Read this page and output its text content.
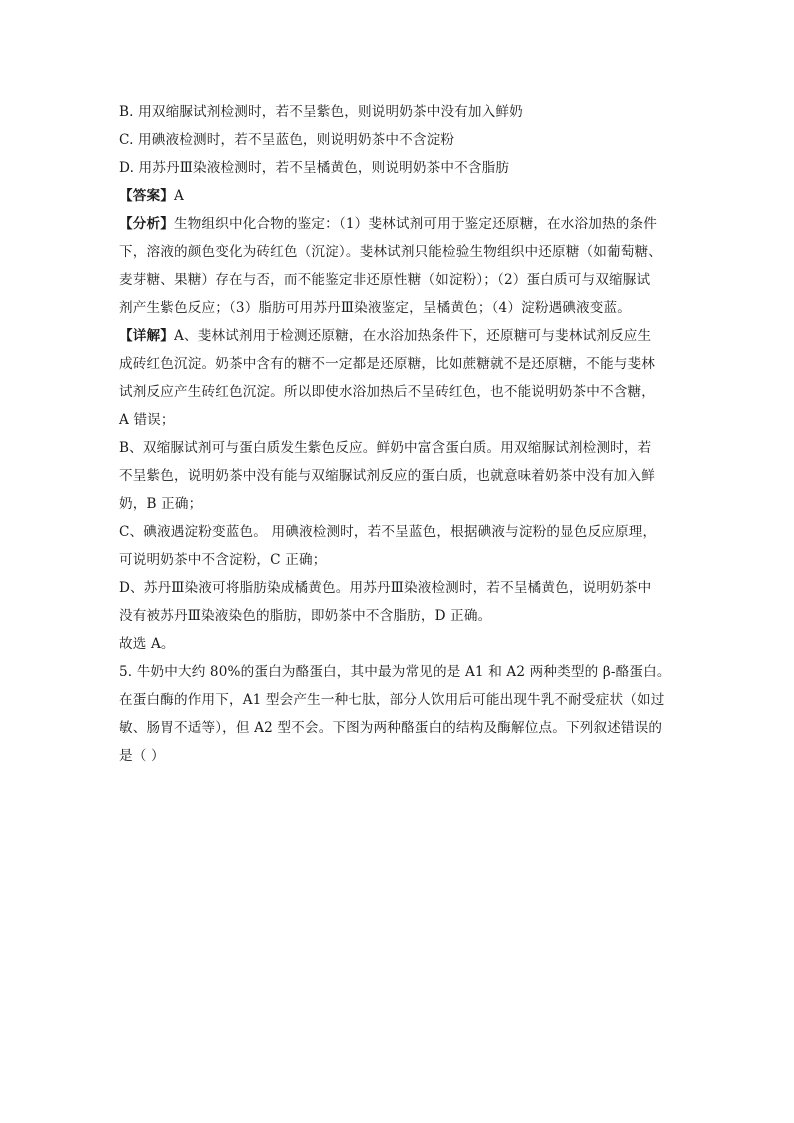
B. 用双缩脲试剂检测时，若不呈紫色，则说明奶茶中没有加入鲜奶
C. 用碘液检测时，若不呈蓝色，则说明奶茶中不含淀粉
D. 用苏丹Ⅲ染液检测时，若不呈橘黄色，则说明奶茶中不含脂肪
【答案】A
【分析】生物组织中化合物的鉴定：（1）斐林试剂可用于鉴定还原糖，在水浴加热的条件
下，溶液的颜色变化为砖红色（沉淀）。斐林试剂只能检验生物组织中还原糖（如葡萄糖、
麦芽糖、果糖）存在与否，而不能鉴定非还原性糖（如淀粉）；（2）蛋白质可与双缩脲试
剂产生紫色反应；（3）脂肪可用苏丹Ⅲ染液鉴定，呈橘黄色；（4）淀粉遇碘液变蓝。
【详解】A、斐林试剂用于检测还原糖，在水浴加热条件下，还原糖可与斐林试剂反应生
成砖红色沉淀。奶茶中含有的糖不一定都是还原糖，比如蔗糖就不是还原糖，不能与斐林
试剂反应产生砖红色沉淀。所以即使水浴加热后不呈砖红色，也不能说明奶茶中不含糖，
A 错误；
B、双缩脲试剂可与蛋白质发生紫色反应。鲜奶中富含蛋白质。用双缩脲试剂检测时，若
不呈紫色，说明奶茶中没有能与双缩脲试剂反应的蛋白质，也就意味着奶茶中没有加入鲜
奶，B 正确；
C、碘液遇淀粉变蓝色。 用碘液检测时，若不呈蓝色，根据碘液与淀粉的显色反应原理，
可说明奶茶中不含淀粉，C 正确；
D、苏丹Ⅲ染液可将脂肪染成橘黄色。用苏丹Ⅲ染液检测时，若不呈橘黄色，说明奶茶中
没有被苏丹Ⅲ染液染色的脂肪，即奶茶中不含脂肪，D 正确。
故选 A。
5. 牛奶中大约 80%的蛋白为酪蛋白，其中最为常见的是 A1 和 A2 两种类型的 β-酪蛋白。
在蛋白酶的作用下，A1 型会产生一种七肽，部分人饮用后可能出现牛乳不耐受症状（如过
敏、肠胃不适等），但 A2 型不会。下图为两种酪蛋白的结构及酶解位点。下列叙述错误的
是（ ）
